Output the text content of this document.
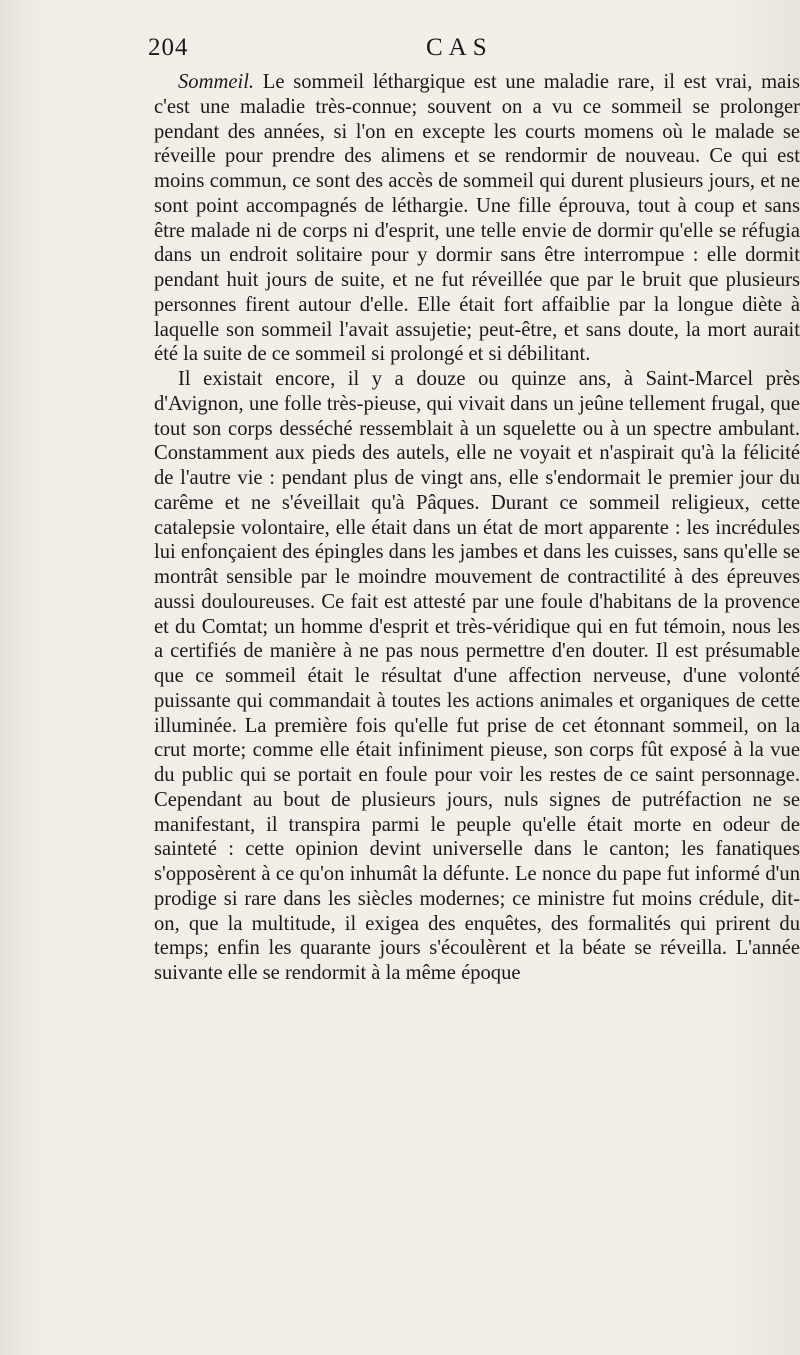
204	CAS

Sommeil. Le sommeil léthargique est une maladie rare, il est vrai, mais c'est une maladie très-connue; souvent on a vu ce sommeil se prolonger pendant des années, si l'on en excepte les courts momens où le malade se réveille pour prendre des alimens et se rendormir de nouveau. Ce qui est moins commun, ce sont des accès de sommeil qui durent plusieurs jours, et ne sont point accompagnés de léthargie. Une fille éprouva, tout à coup et sans être malade ni de corps ni d'esprit, une telle envie de dormir qu'elle se réfugia dans un endroit solitaire pour y dormir sans être interrompue : elle dormit pendant huit jours de suite, et ne fut réveillée que par le bruit que plusieurs personnes firent autour d'elle. Elle était fort affaiblie par la longue diète à laquelle son sommeil l'avait assujetie; peut-être, et sans doute, la mort aurait été la suite de ce sommeil si prolongé et si débilitant.

Il existait encore, il y a douze ou quinze ans, à Saint-Marcel près d'Avignon, une folle très-pieuse, qui vivait dans un jeûne tellement frugal, que tout son corps desséché ressemblait à un squelette ou à un spectre ambulant. Constamment aux pieds des autels, elle ne voyait et n'aspirait qu'à la félicité de l'autre vie : pendant plus de vingt ans, elle s'endormait le premier jour du carême et ne s'éveillait qu'à Pâques. Durant ce sommeil religieux, cette catalepsie volontaire, elle était dans un état de mort apparente : les incrédules lui enfonçaient des épingles dans les jambes et dans les cuisses, sans qu'elle se montrât sensible par le moindre mouvement de contractilité à des épreuves aussi douloureuses. Ce fait est attesté par une foule d'habitans de la provence et du Comtat; un homme d'esprit et très-véridique qui en fut témoin, nous les a certifiés de manière à ne pas nous permettre d'en douter. Il est présumable que ce sommeil était le résultat d'une affection nerveuse, d'une volonté puissante qui commandait à toutes les actions animales et organiques de cette illuminée. La première fois qu'elle fut prise de cet étonnant sommeil, on la crut morte; comme elle était infiniment pieuse, son corps fût exposé à la vue du public qui se portait en foule pour voir les restes de ce saint personnage. Cependant au bout de plusieurs jours, nuls signes de putréfaction ne se manifestant, il transpira parmi le peuple qu'elle était morte en odeur de sainteté : cette opinion devint universelle dans le canton; les fanatiques s'opposèrent à ce qu'on inhumât la défunte. Le nonce du pape fut informé d'un prodige si rare dans les siècles modernes; ce ministre fut moins crédule, dit-on, que la multitude, il exigea des enquêtes, des formalités qui prirent du temps; enfin les quarante jours s'écoulèrent et la béate se réveilla. L'année suivante elle se rendormit à la même époque
